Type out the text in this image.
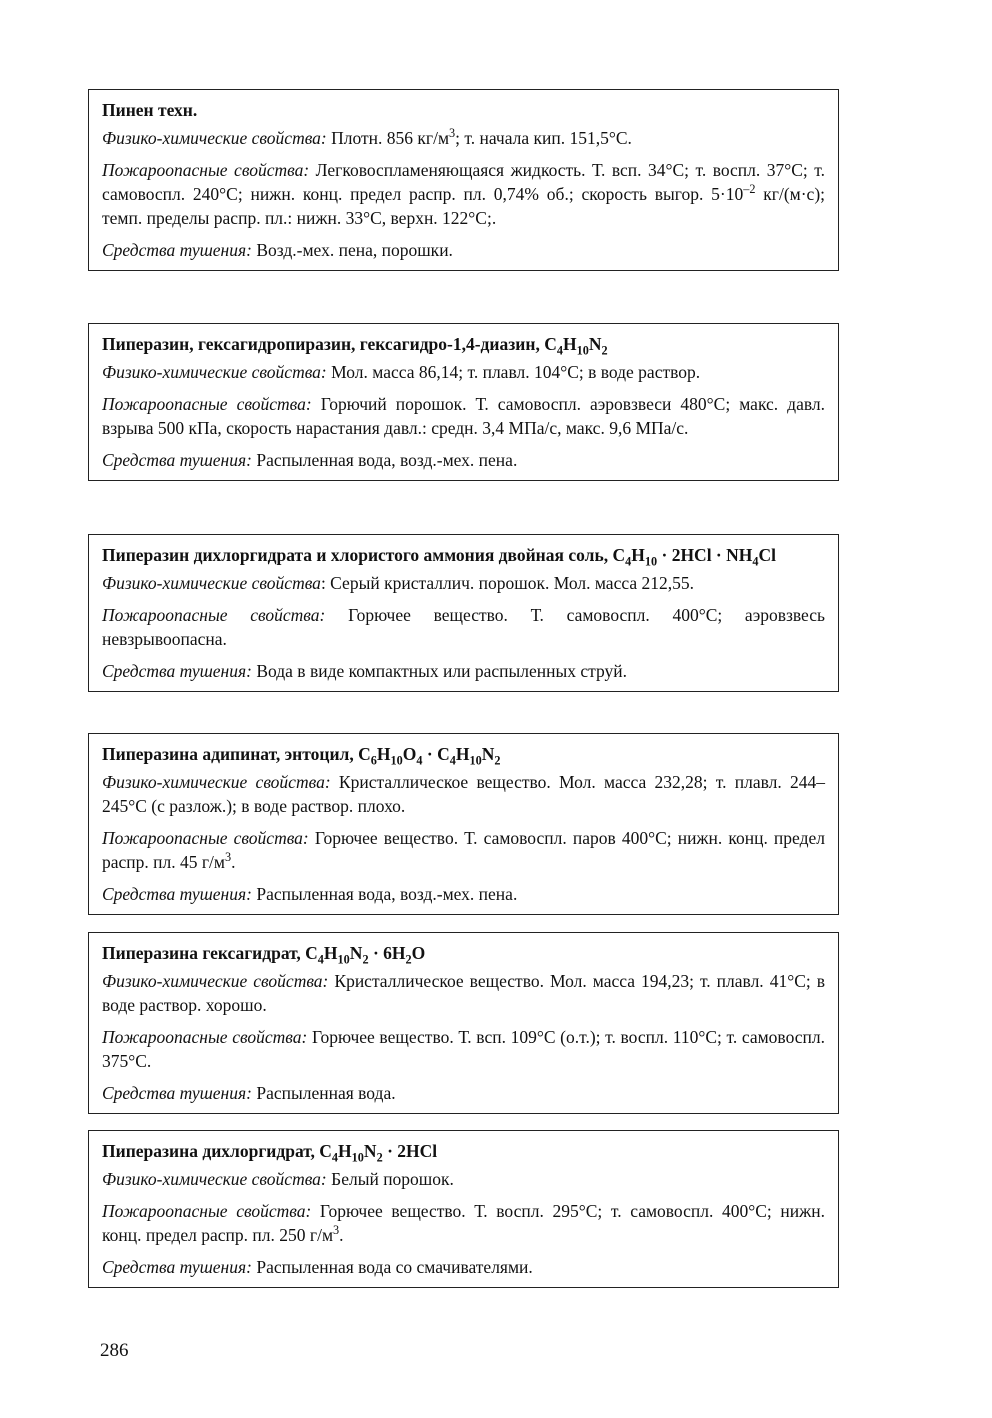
Пинен техн.

Физико-химические свойства: Плотн. 856 $кг/м^3$; т. начала кип. 151,5°С.

Пожароопасные свойства: Легковоспламеняющаяся жидкость. Т. всп. 34°С; т. воспл. 37°С; т. самовоспл. 240°С; нижн. конц. предел распр. пл. 0,74% об.; скорость выгор. $5\cdot 10^{-2}$ кг/(м·с); темп. пределы распр. пл.: нижн. 33°С, верхн. 122°С;.

Средства тушения: Возд.-мех. пена, порошки.

Пиперазин, гексагидропиразин, гексагидро-1,4-диазин, $С_4Н_{10}N_2$

Физико-химические свойства: Мол. масса 86,14; т. плавл. 104°С; в воде раствор.

Пожароопасные свойства: Горючий порошок. Т. самовоспл. аэровзвеси 480°С; макс. давл. взрыва 500 кПа, скорость нарастания давл.: средн. 3,4 МПа/с, макс. 9,6 МПа/с.

Средства тушения: Распыленная вода, возд.-мех. пена.

Пиперазин дихлоргидрата и хлористого аммония двойная соль, $С_4Н_{10} \cdot 2НСl \cdot NН_4Сl$

Физико-химические свойства: Серый кристаллич. порошок. Мол. масса 212,55.

Пожароопасные свойства: Горючее вещество. Т. самовоспл. 400°С; аэровзвесь невзрывоопасна.

Средства тушения: Вода в виде компактных или распыленных струй.

Пиперазина адипинат, энтоцил, $С_6Н_{10}O_4 \cdot С_4Н_{10}N_2$

Физико-химические свойства: Кристаллическое вещество. Мол. масса 232,28; т. плавл. 244–245°С (с разлож.); в воде раствор. плохо.

Пожароопасные свойства: Горючее вещество. Т. самовоспл. паров 400°С; нижн. конц. предел распр. пл. 45 $г/м^3$.

Средства тушения: Распыленная вода, возд.-мех. пена.

Пиперазина гексагидрат, $С_4Н_{10}N_2 \cdot 6Н_2О$

Физико-химические свойства: Кристаллическое вещество. Мол. масса 194,23; т. плавл. 41°С; в воде раствор. хорошо.

Пожароопасные свойства: Горючее вещество. Т. всп. 109°С (о.т.); т. воспл. 110°С; т. самовоспл. 375°С.

Средства тушения: Распыленная вода.

Пиперазина дихлоргидрат, $С_4Н_{10}N_2 \cdot 2НСl$

Физико-химические свойства: Белый порошок.

Пожароопасные свойства: Горючее вещество. Т. воспл. 295°С; т. самовоспл. 400°С; нижн. конц. предел распр. пл. 250 $г/м^3$.

Средства тушения: Распыленная вода со смачивателями.

286
